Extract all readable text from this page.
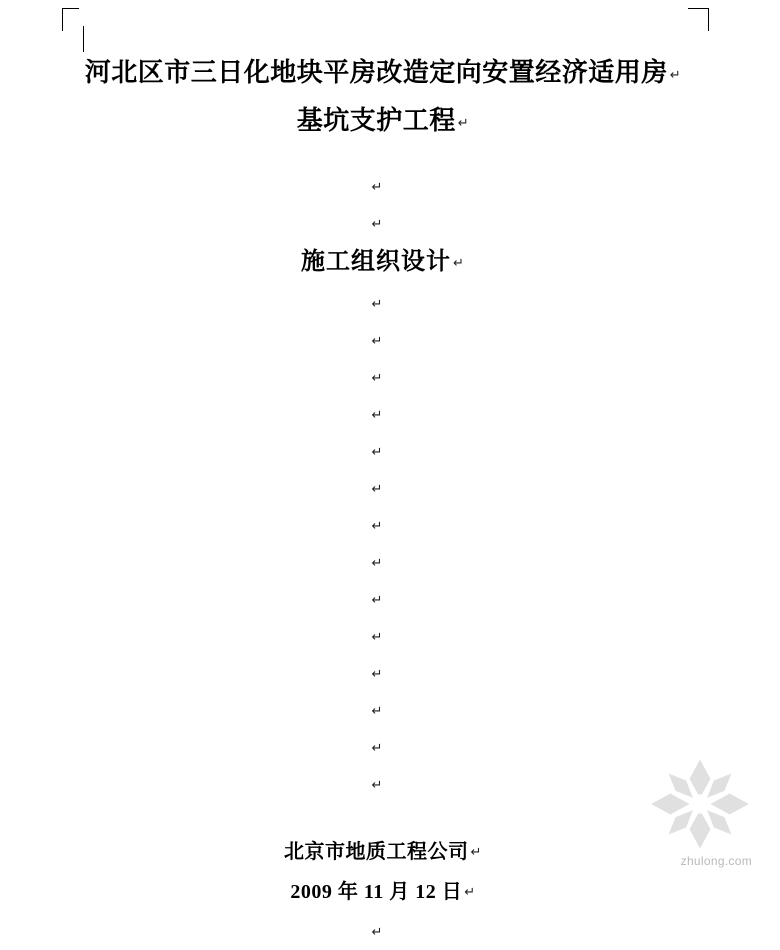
河北区市三日化地块平房改造定向安置经济适用房 ↵
基坑支护工程 ↵
↵
↵
施工组织设计 ↵
↵
↵
↵
↵
↵
↵
↵
↵
↵
↵
↵
↵
↵
↵
北京市地质工程公司 ↵
2009 年 11 月 12 日 ↵
↵
zhulong.com
